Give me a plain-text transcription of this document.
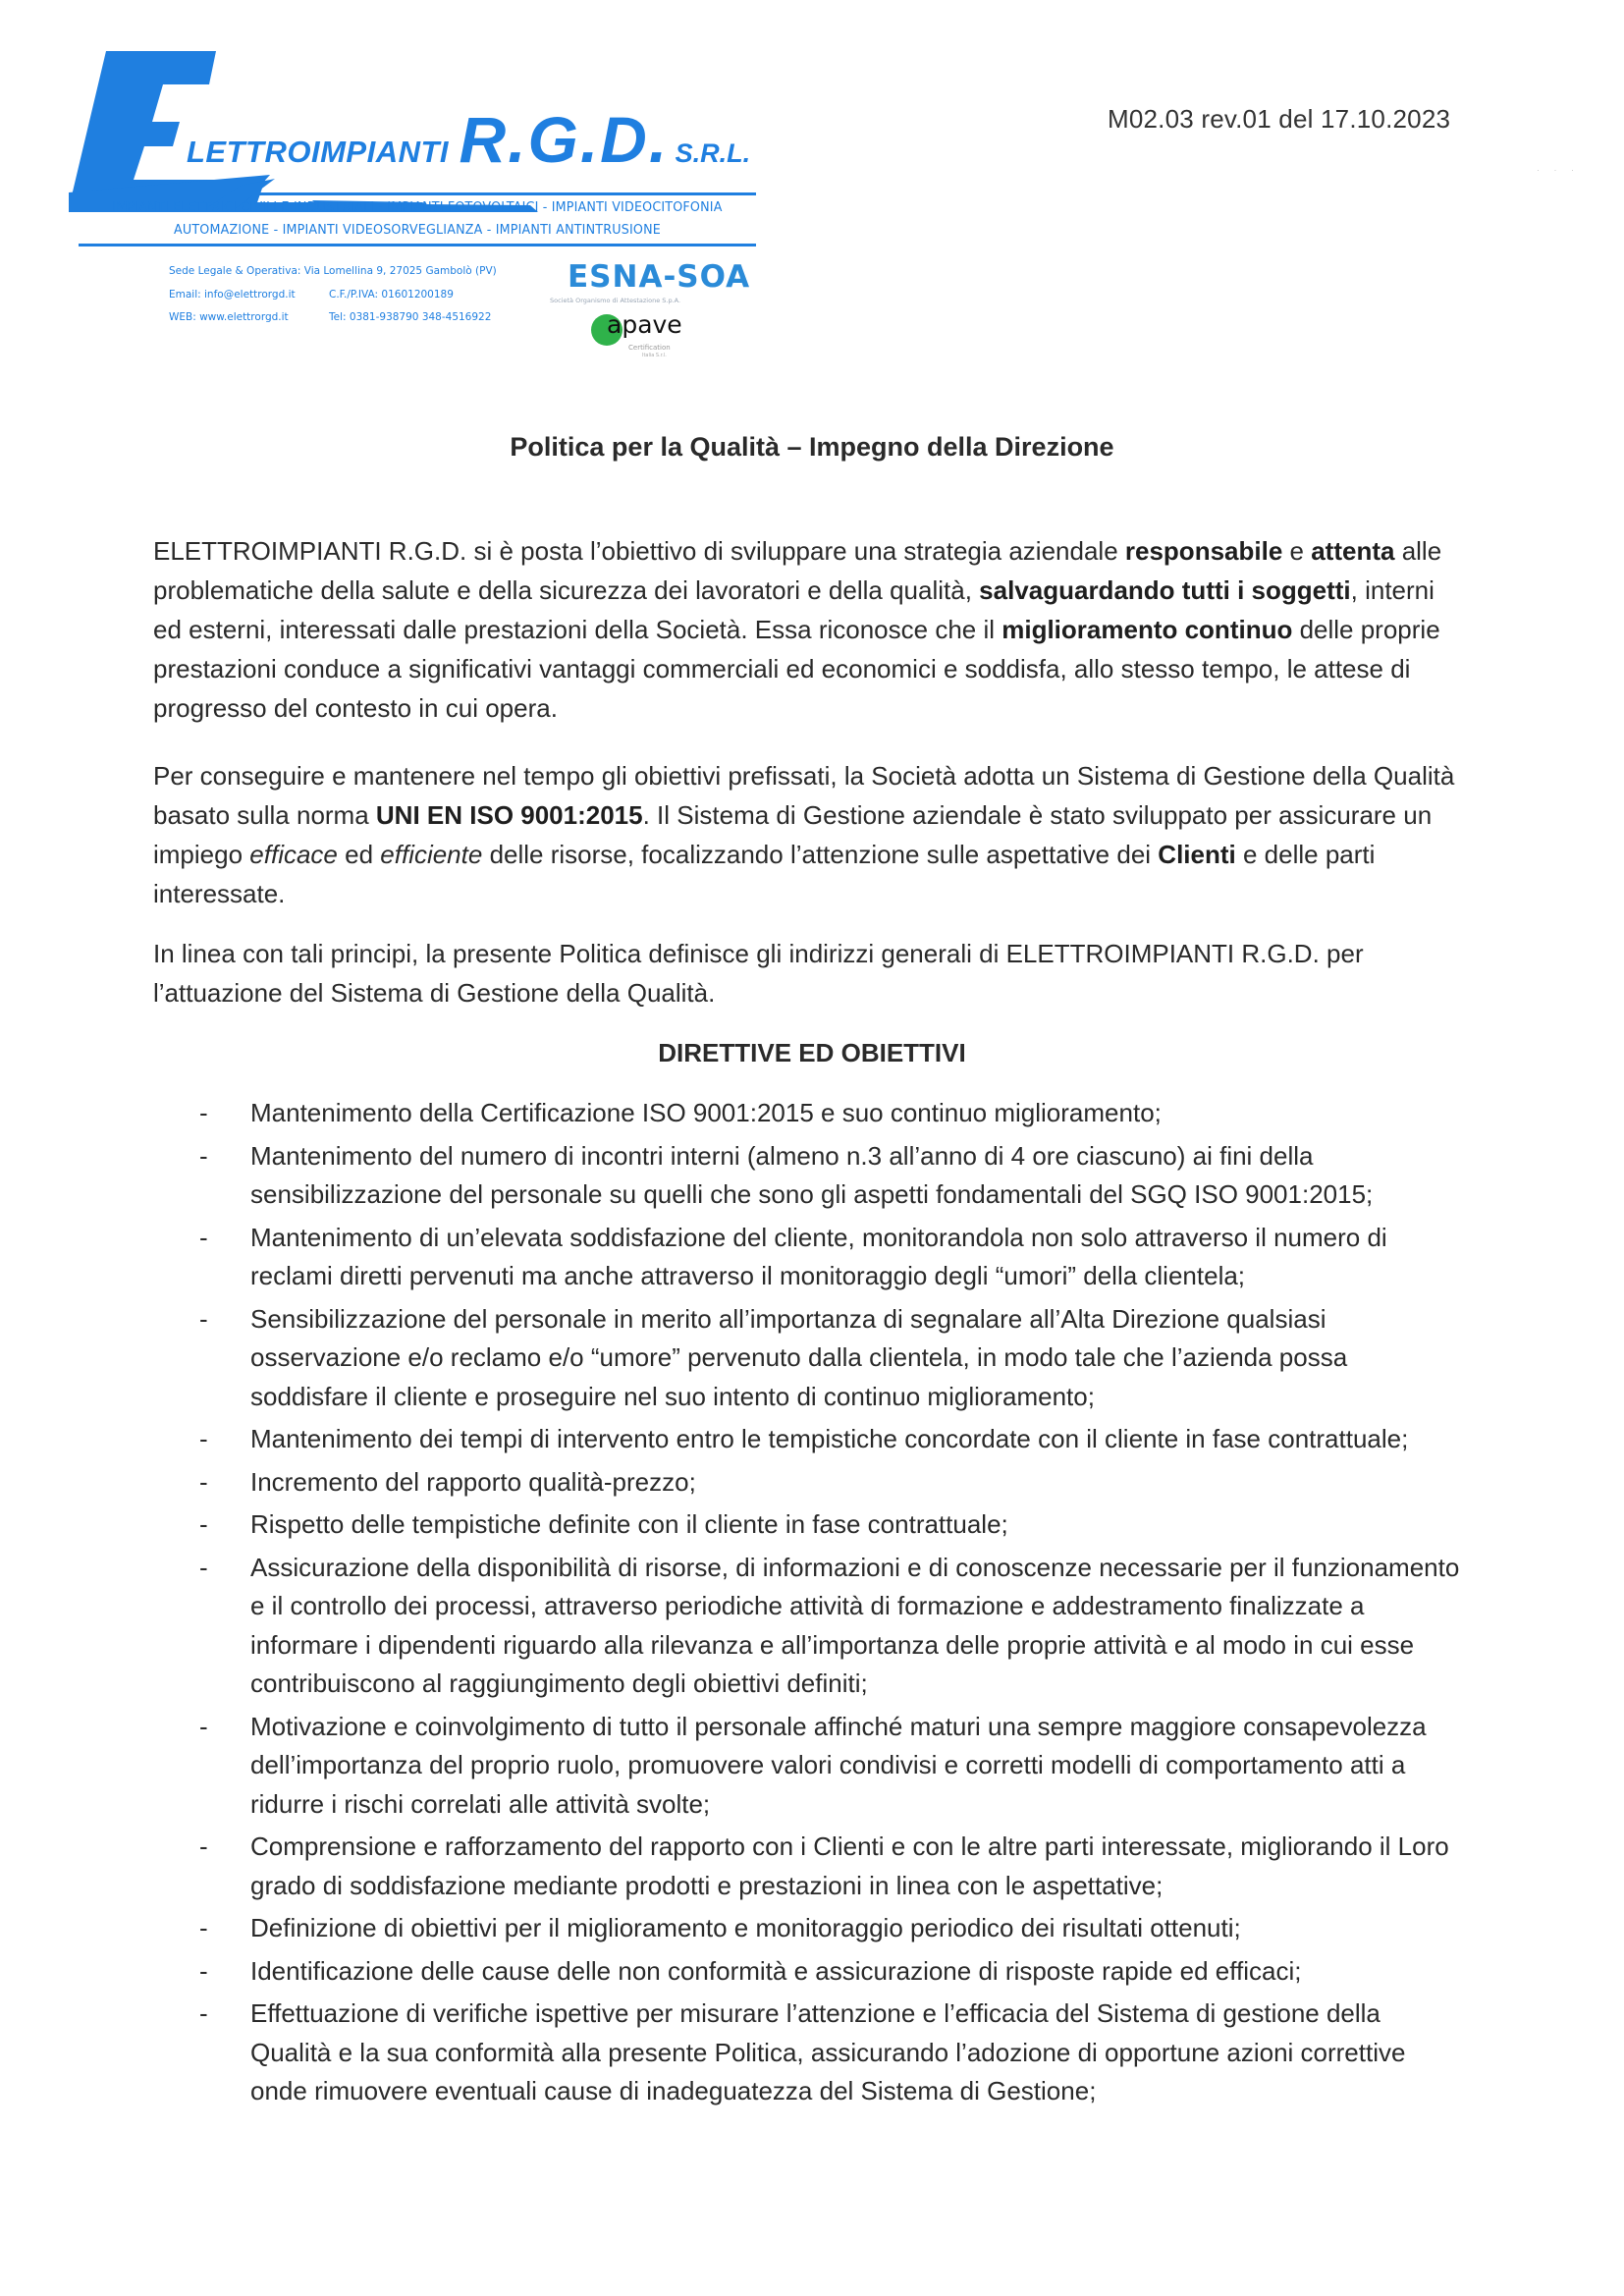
LETTROIMPIANTI R.G.D. S.R.L.
IMPIANTI ELETTRICI CIVILI E INDUSTRIALI - IMPIANTI FOTOVOLTAICI - IMPIANTI VIDEOCITOFONIA
AUTOMAZIONE - IMPIANTI VIDEOSORVEGLIANZA - IMPIANTI ANTINTRUSIONE
Sede Legale & Operativa: Via Lomellina 9, 27025 Gambolò (PV)
Email: info@elettrorgd.it	C.F./P.IVA: 01601200189
WEB: www.elettrorgd.it	Tel: 0381-938790 348-4516922
ESNA-SOA
Società Organismo di Attestazione S.p.A.
apave
Certification
Italia S.r.l.
M02.03 rev.01 del 17.10.2023
· · ·
Politica per la Qualità – Impegno della Direzione

ELETTROIMPIANTI R.G.D. si è posta l’obiettivo di sviluppare una strategia aziendale responsabile e attenta alle problematiche della salute e della sicurezza dei lavoratori e della qualità, salvaguardando tutti i soggetti, interni ed esterni, interessati dalle prestazioni della Società. Essa riconosce che il miglioramento continuo delle proprie prestazioni conduce a significativi vantaggi commerciali ed economici e soddisfa, allo stesso tempo, le attese di progresso del contesto in cui opera.

Per conseguire e mantenere nel tempo gli obiettivi prefissati, la Società adotta un Sistema di Gestione della Qualità basato sulla norma UNI EN ISO 9001:2015. Il Sistema di Gestione aziendale è stato sviluppato per assicurare un impiego efficace ed efficiente delle risorse, focalizzando l’attenzione sulle aspettative dei Clienti e delle parti interessate.

In linea con tali principi, la presente Politica definisce gli indirizzi generali di ELETTROIMPIANTI R.G.D. per l’attuazione del Sistema di Gestione della Qualità.

DIRETTIVE ED OBIETTIVI
- Mantenimento della Certificazione ISO 9001:2015 e suo continuo miglioramento;
- Mantenimento del numero di incontri interni (almeno n.3 all’anno di 4 ore ciascuno) ai fini della sensibilizzazione del personale su quelli che sono gli aspetti fondamentali del SGQ ISO 9001:2015;
- Mantenimento di un’elevata soddisfazione del cliente, monitorandola non solo attraverso il numero di reclami diretti pervenuti ma anche attraverso il monitoraggio degli “umori” della clientela;
- Sensibilizzazione del personale in merito all’importanza di segnalare all’Alta Direzione qualsiasi osservazione e/o reclamo e/o “umore” pervenuto dalla clientela, in modo tale che l’azienda possa soddisfare il cliente e proseguire nel suo intento di continuo miglioramento;
- Mantenimento dei tempi di intervento entro le tempistiche concordate con il cliente in fase contrattuale;
- Incremento del rapporto qualità-prezzo;
- Rispetto delle tempistiche definite con il cliente in fase contrattuale;
- Assicurazione della disponibilità di risorse, di informazioni e di conoscenze necessarie per il funzionamento e il controllo dei processi, attraverso periodiche attività di formazione e addestramento finalizzate a informare i dipendenti riguardo alla rilevanza e all’importanza delle proprie attività e al modo in cui esse contribuiscono al raggiungimento degli obiettivi definiti;
- Motivazione e coinvolgimento di tutto il personale affinché maturi una sempre maggiore consapevolezza dell’importanza del proprio ruolo, promuovere valori condivisi e corretti modelli di comportamento atti a ridurre i rischi correlati alle attività svolte;
- Comprensione e rafforzamento del rapporto con i Clienti e con le altre parti interessate, migliorando il Loro grado di soddisfazione mediante prodotti e prestazioni in linea con le aspettative;
- Definizione di obiettivi per il miglioramento e monitoraggio periodico dei risultati ottenuti;
- Identificazione delle cause delle non conformità e assicurazione di risposte rapide ed efficaci;
- Effettuazione di verifiche ispettive per misurare l’attenzione e l’efficacia del Sistema di gestione della Qualità e la sua conformità alla presente Politica, assicurando l’adozione di opportune azioni correttive onde rimuovere eventuali cause di inadeguatezza del Sistema di Gestione;
